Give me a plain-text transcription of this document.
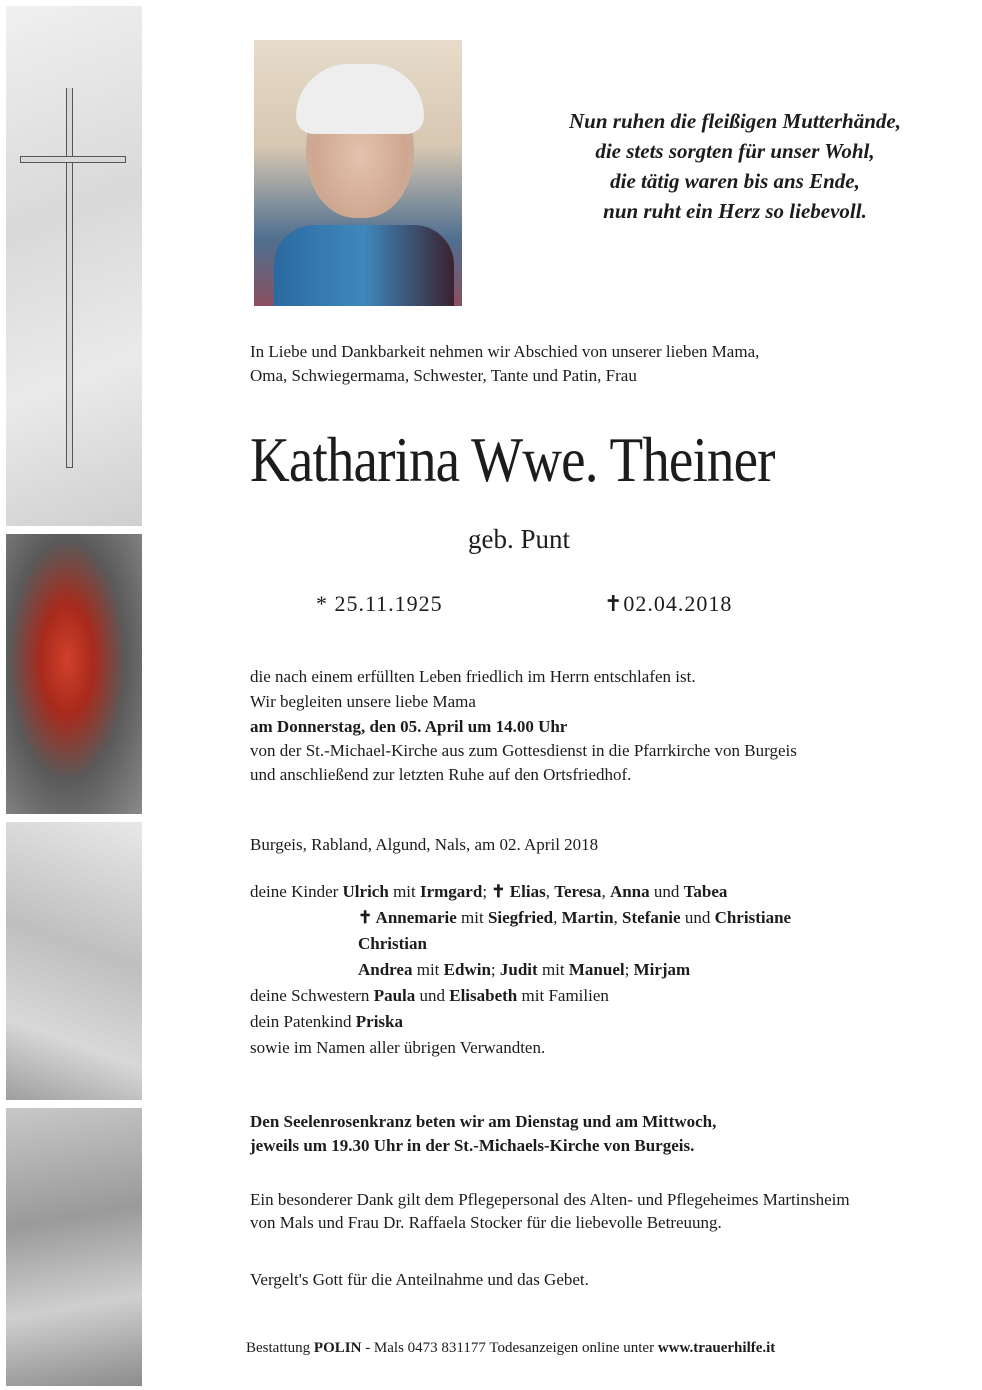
Nun ruhen die fleißigen Mutterhände,
die stets sorgten für unser Wohl,
die tätig waren bis ans Ende,
nun ruht ein Herz so liebevoll.
In Liebe und Dankbarkeit nehmen wir Abschied von unserer lieben Mama,
Oma, Schwiegermama, Schwester, Tante und Patin, Frau
Katharina Wwe. Theiner
geb. Punt
* 25.11.1925	✝02.04.2018
die nach einem erfüllten Leben friedlich im Herrn entschlafen ist.
Wir begleiten unsere liebe Mama
am Donnerstag, den 05. April um 14.00 Uhr
von der St.-Michael-Kirche aus zum Gottesdienst in die Pfarrkirche von Burgeis
und anschließend zur letzten Ruhe auf den Ortsfriedhof.
Burgeis, Rabland, Algund, Nals, am 02. April 2018
deine Kinder Ulrich mit Irmgard; ✝ Elias, Teresa, Anna und Tabea
✝ Annemarie mit Siegfried, Martin, Stefanie und Christiane
Christian
Andrea mit Edwin; Judit mit Manuel; Mirjam
deine Schwestern Paula und Elisabeth mit Familien
dein Patenkind Priska
sowie im Namen aller übrigen Verwandten.
Den Seelenrosenkranz beten wir am Dienstag und am Mittwoch,
jeweils um 19.30 Uhr in der St.-Michaels-Kirche von Burgeis.
Ein besonderer Dank gilt dem Pflegepersonal des Alten- und Pflegeheimes Martinsheim
von Mals und Frau Dr. Raffaela Stocker für die liebevolle Betreuung.
Vergelt's Gott für die Anteilnahme und das Gebet.
Bestattung POLIN - Mals 0473 831177 Todesanzeigen online unter www.trauerhilfe.it
